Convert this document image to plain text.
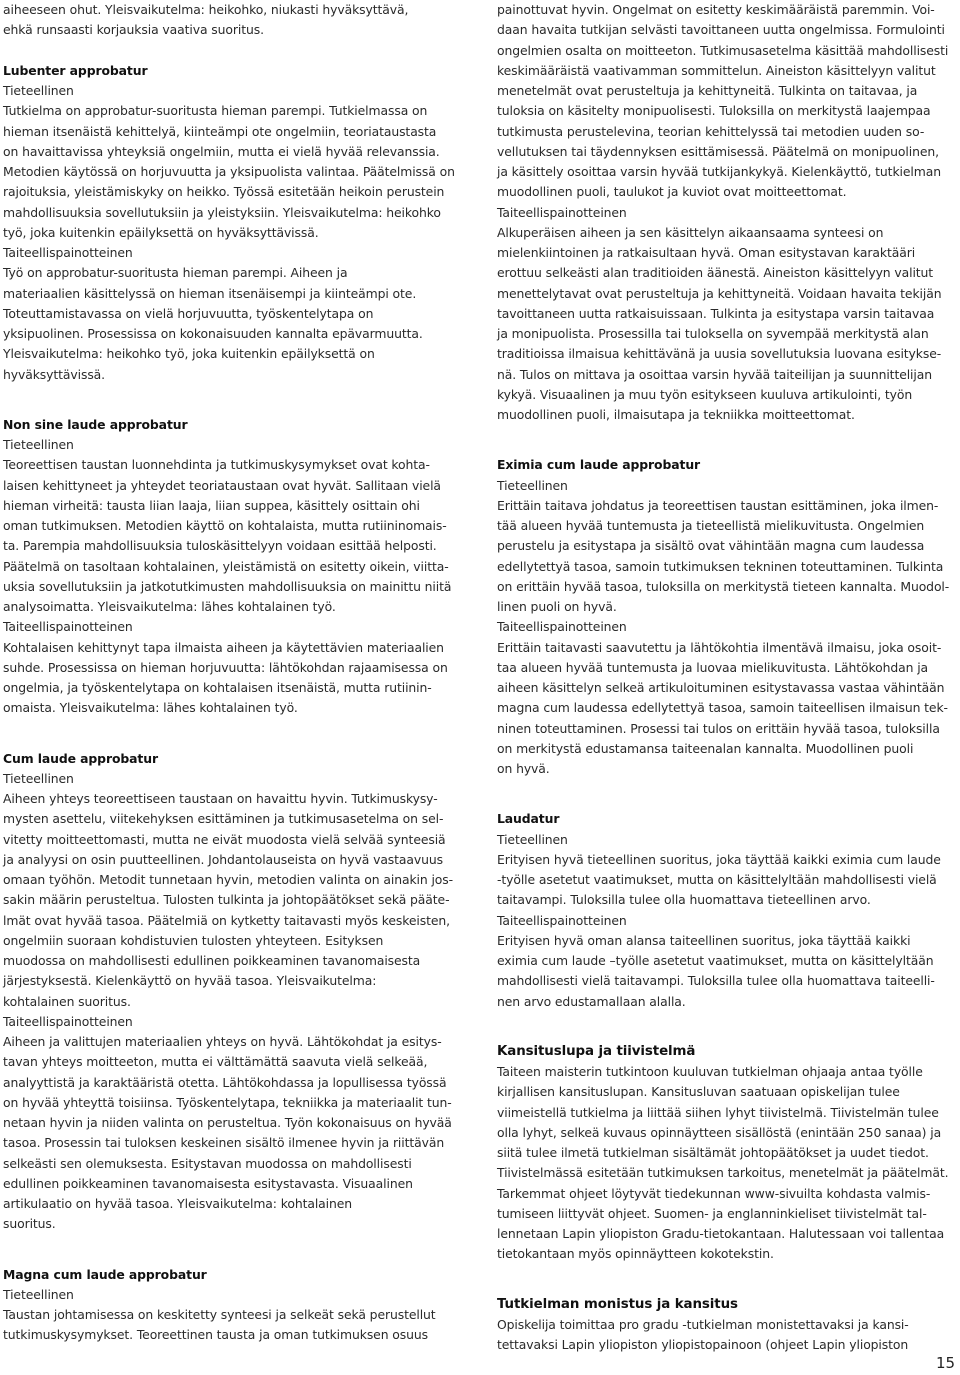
aiheeseen ohut. Yleisvaikutelma: heikohko, niukasti hyväksyttävä,
ehkä runsaasti korjauksia vaativa suoritus.
Lubenter approbatur
Tieteellinen
Tutkielma on approbatur-suoritusta hieman parempi. Tutkielmassa on
hieman itsenäistä kehittelyä, kiinteämpi ote ongelmiin, teoriataustasta
on havaittavissa yhteyksiä ongelmiin, mutta ei vielä hyvää relevanssia.
Metodien käytössä on horjuvuutta ja yksipuolista valintaa. Päätelmissä on
rajoituksia, yleistämiskyky on heikko. Työssä esitetään heikoin perustein
mahdollisuuksia sovellutuksiin ja yleistyksiin. Yleisvaikutelma: heikohko
työ, joka kuitenkin epäilyksettä on hyväksyttävissä.
Taiteellispainotteinen
Työ on approbatur-suoritusta hieman parempi. Aiheen ja
materiaalien käsittelyssä on hieman itsenäisempi ja kiinteämpi ote.
Toteuttamistavassa on vielä horjuvuutta, työskentelytapa on
yksipuolinen. Prosessissa on kokonaisuuden kannalta epävarmuutta.
Yleisvaikutelma: heikohko työ, joka kuitenkin epäilyksettä on
hyväksyttävissä.
Non sine laude approbatur
Tieteellinen
Teoreettisen taustan luonnehdinta ja tutkimuskysymykset ovat kohta-
laisen kehittyneet ja yhteydet teoriataustaan ovat hyvät. Sallitaan vielä
hieman virheitä: tausta liian laaja, liian suppea, käsittely osittain ohi
oman tutkimuksen. Metodien käyttö on kohtalaista, mutta rutiininomais-
ta. Parempia mahdollisuuksia tuloskäsittelyyn voidaan esittää helposti.
Päätelmä on tasoltaan kohtalainen, yleistämistä on esitetty oikein, viitta-
uksia sovellutuksiin ja jatkotutkimusten mahdollisuuksia on mainittu niitä
analysoimatta. Yleisvaikutelma: lähes kohtalainen työ.
Taiteellispainotteinen
Kohtalaisen kehittynyt tapa ilmaista aiheen ja käytettävien materiaalien
suhde. Prosessissa on hieman horjuvuutta: lähtökohdan rajaamisessa on
ongelmia, ja työskentelytapa on kohtalaisen itsenäistä, mutta rutiinin-
omaista. Yleisvaikutelma: lähes kohtalainen työ.
Cum laude approbatur
Tieteellinen
Aiheen yhteys teoreettiseen taustaan on havaittu hyvin. Tutkimuskysy-
mysten asettelu, viitekehyksen esittäminen ja tutkimusasetelma on sel-
vitetty moitteettomasti, mutta ne eivät muodosta vielä selvää synteesiä
ja analyysi on osin puutteellinen. Johdantolauseista on hyvä vastaavuus
omaan työhön. Metodit tunnetaan hyvin, metodien valinta on ainakin jos-
sakin määrin perusteltua. Tulosten tulkinta ja johtopäätökset sekä pääte-
lmät ovat hyvää tasoa. Päätelmiä on kytketty taitavasti myös keskeisten,
ongelmiin suoraan kohdistuvien tulosten yhteyteen. Esityksen
muodossa on mahdollisesti edullinen poikkeaminen tavanomaisesta
järjestyksestä. Kielenkäyttö on hyvää tasoa. Yleisvaikutelma:
kohtalainen suoritus.
Taiteellispainotteinen
Aiheen ja valittujen materiaalien yhteys on hyvä. Lähtökohdat ja esitys-
tavan yhteys moitteeton, mutta ei välttämättä saavuta vielä selkeää,
analyyttistä ja karaktääristä otetta. Lähtökohdassa ja lopullisessa työssä
on hyvää yhteyttä toisiinsa. Työskentelytapa, tekniikka ja materiaalit tun-
netaan hyvin ja niiden valinta on perusteltua. Työn kokonaisuus on hyvää
tasoa. Prosessin tai tuloksen keskeinen sisältö ilmenee hyvin ja riittävän
selkeästi sen olemuksesta. Esitystavan muodossa on mahdollisesti
edullinen poikkeaminen tavanomaisesta esitystavasta. Visuaalinen
artikulaatio on hyvää tasoa. Yleisvaikutelma: kohtalainen
suoritus.
Magna cum laude approbatur
Tieteellinen
Taustan johtamisessa on keskitetty synteesi ja selkeät sekä perustellut
tutkimuskysymykset. Teoreettinen tausta ja oman tutkimuksen osuus
painottuvat hyvin. Ongelmat on esitetty keskimääräistä paremmin. Voi-
daan havaita tutkijan selvästi tavoittaneen uutta ongelmissa. Formulointi
ongelmien osalta on moitteeton. Tutkimusasetelma käsittää mahdollisesti
keskimääräistä vaativamman sommittelun. Aineiston käsittelyyn valitut
menetelmät ovat perusteltuja ja kehittyneitä. Tulkinta on taitavaa, ja
tuloksia on käsitelty monipuolisesti. Tuloksilla on merkitystä laajempaa
tutkimusta perustelevina, teorian kehittelyssä tai metodien uuden so-
vellutuksen tai täydennyksen esittämisessä. Päätelmä on monipuolinen,
ja käsittely osoittaa varsin hyvää tutkijankykyä. Kielenkäyttö, tutkielman
muodollinen puoli, taulukot ja kuviot ovat moitteettomat.
Taiteellispainotteinen
Alkuperäisen aiheen ja sen käsittelyn aikaansaama synteesi on
mielenkiintoinen ja ratkaisultaan hyvä. Oman esitystavan karaktääri
erottuu selkeästi alan traditioiden äänestä. Aineiston käsittelyyn valitut
menettelytavat ovat perusteltuja ja kehittyneitä. Voidaan havaita tekijän
tavoittaneen uutta ratkaisuissaan. Tulkinta ja esitystapa varsin taitavaa
ja monipuolista. Prosessilla tai tuloksella on syvempää merkitystä alan
traditioissa ilmaisua kehittävänä ja uusia sovellutuksia luovana esitykse-
nä. Tulos on mittava ja osoittaa varsin hyvää taiteilijan ja suunnittelijan
kykyä. Visuaalinen ja muu työn esitykseen kuuluva artikulointi, työn
muodollinen puoli, ilmaisutapa ja tekniikka moitteettomat.
Eximia cum laude approbatur
Tieteellinen
Erittäin taitava johdatus ja teoreettisen taustan esittäminen, joka ilmen-
tää alueen hyvää tuntemusta ja tieteellistä mielikuvitusta. Ongelmien
perustelu ja esitystapa ja sisältö ovat vähintään magna cum laudessa
edellytettyä tasoa, samoin tutkimuksen tekninen toteuttaminen. Tulkinta
on erittäin hyvää tasoa, tuloksilla on merkitystä tieteen kannalta. Muodol-
linen puoli on hyvä.
Taiteellispainotteinen
Erittäin taitavasti saavutettu ja lähtökohtia ilmentävä ilmaisu, joka osoit-
taa alueen hyvää tuntemusta ja luovaa mielikuvitusta. Lähtökohdan ja
aiheen käsittelyn selkeä artikuloituminen esitystavassa vastaa vähintään
magna cum laudessa edellytettyä tasoa, samoin taiteellisen ilmaisun tek-
ninen toteuttaminen. Prosessi tai tulos on erittäin hyvää tasoa, tuloksilla
on merkitystä edustamansa taiteenalan kannalta. Muodollinen puoli
on hyvä.
Laudatur
Tieteellinen
Erityisen hyvä tieteellinen suoritus, joka täyttää kaikki eximia cum laude
-työlle asetetut vaatimukset, mutta on käsittelyltään mahdollisesti vielä
taitavampi. Tuloksilla tulee olla huomattava tieteellinen arvo.
Taiteellispainotteinen
Erityisen hyvä oman alansa taiteellinen suoritus, joka täyttää kaikki
eximia cum laude –työlle asetetut vaatimukset, mutta on käsittelyltään
mahdollisesti vielä taitavampi. Tuloksilla tulee olla huomattava taiteelli-
nen arvo edustamallaan alalla.
Kansituslupa ja tiivistelmä
Taiteen maisterin tutkintoon kuuluvan tutkielman ohjaaja antaa työlle
kirjallisen kansituslupan. Kansitusluvan saatuaan opiskelijan tulee
viimeistellä tutkielma ja liittää siihen lyhyt tiivistelmä. Tiivistelmän tulee
olla lyhyt, selkeä kuvaus opinnäytteen sisällöstä (enintään 250 sanaa) ja
siitä tulee ilmetä tutkielman sisältämät johtopäätökset ja uudet tiedot.
Tiivistelmässä esitetään tutkimuksen tarkoitus, menetelmät ja päätelmät.
Tarkemmat ohjeet löytyvät tiedekunnan www-sivuilta kohdasta valmis-
tumiseen liittyvät ohjeet. Suomen- ja englanninkieliset tiivistelmät tal-
lennetaan Lapin yliopiston Gradu-tietokantaan. Halutessaan voi tallentaa
tietokantaan myös opinnäytteen kokotekstin.
Tutkielman monistus ja kansitus
Opiskelija toimittaa pro gradu -tutkielman monistettavaksi ja kansi-
tettavaksi Lapin yliopiston yliopistopainoon (ohjeet Lapin yliopiston
15
